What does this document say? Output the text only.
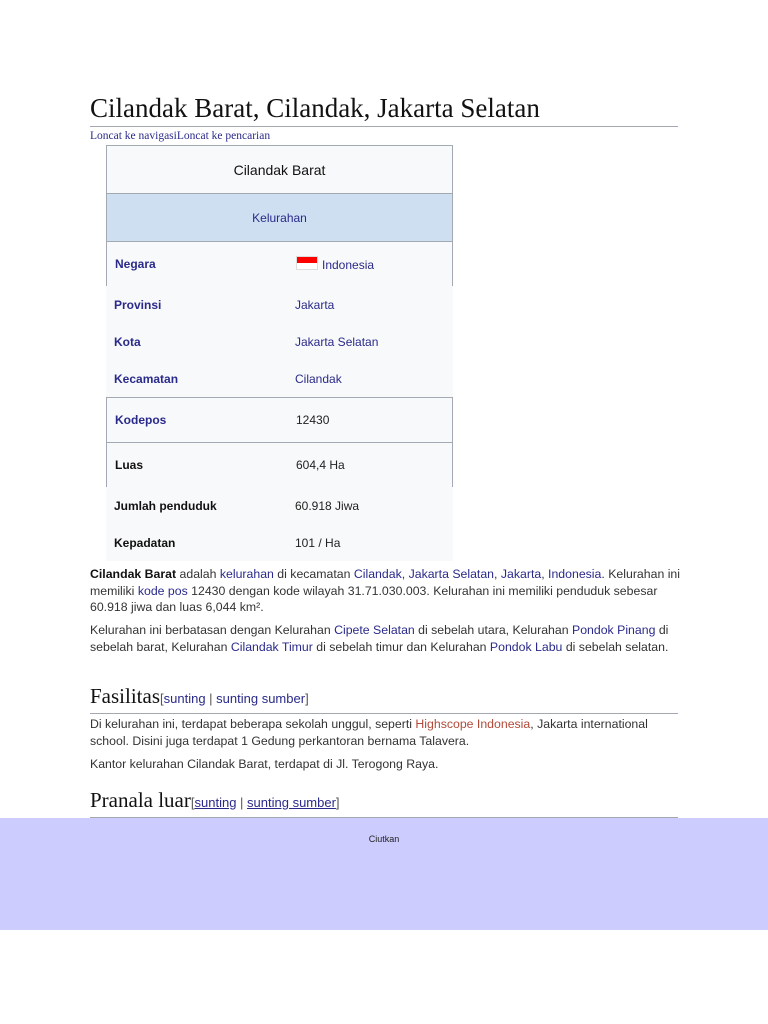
Cilandak Barat, Cilandak, Jakarta Selatan
Loncat ke navigasiLoncat ke pencarian
Cilandak Barat
Kelurahan
Negara	Indonesia
Provinsi	Jakarta
Kota	Jakarta Selatan
Kecamatan	Cilandak
Kodepos	12430
Luas	604,4 Ha
Jumlah penduduk	60.918 Jiwa
Kepadatan	101 / Ha

Cilandak Barat adalah kelurahan di kecamatan Cilandak, Jakarta Selatan, Jakarta, Indonesia. Kelurahan ini memiliki kode pos 12430 dengan kode wilayah 31.71.030.003. Kelurahan ini memiliki penduduk sebesar 60.918 jiwa dan luas 6,044 km².

Kelurahan ini berbatasan dengan Kelurahan Cipete Selatan di sebelah utara, Kelurahan Pondok Pinang di sebelah barat, Kelurahan Cilandak Timur di sebelah timur dan Kelurahan Pondok Labu di sebelah selatan.

Fasilitas[sunting | sunting sumber]

Di kelurahan ini, terdapat beberapa sekolah unggul, seperti Highscope Indonesia, Jakarta international school. Disini juga terdapat 1 Gedung perkantoran bernama Talavera.

Kantor kelurahan Cilandak Barat, terdapat di Jl. Terogong Raya.

Pranala luar[sunting | sunting sumber]
Ciutkan
